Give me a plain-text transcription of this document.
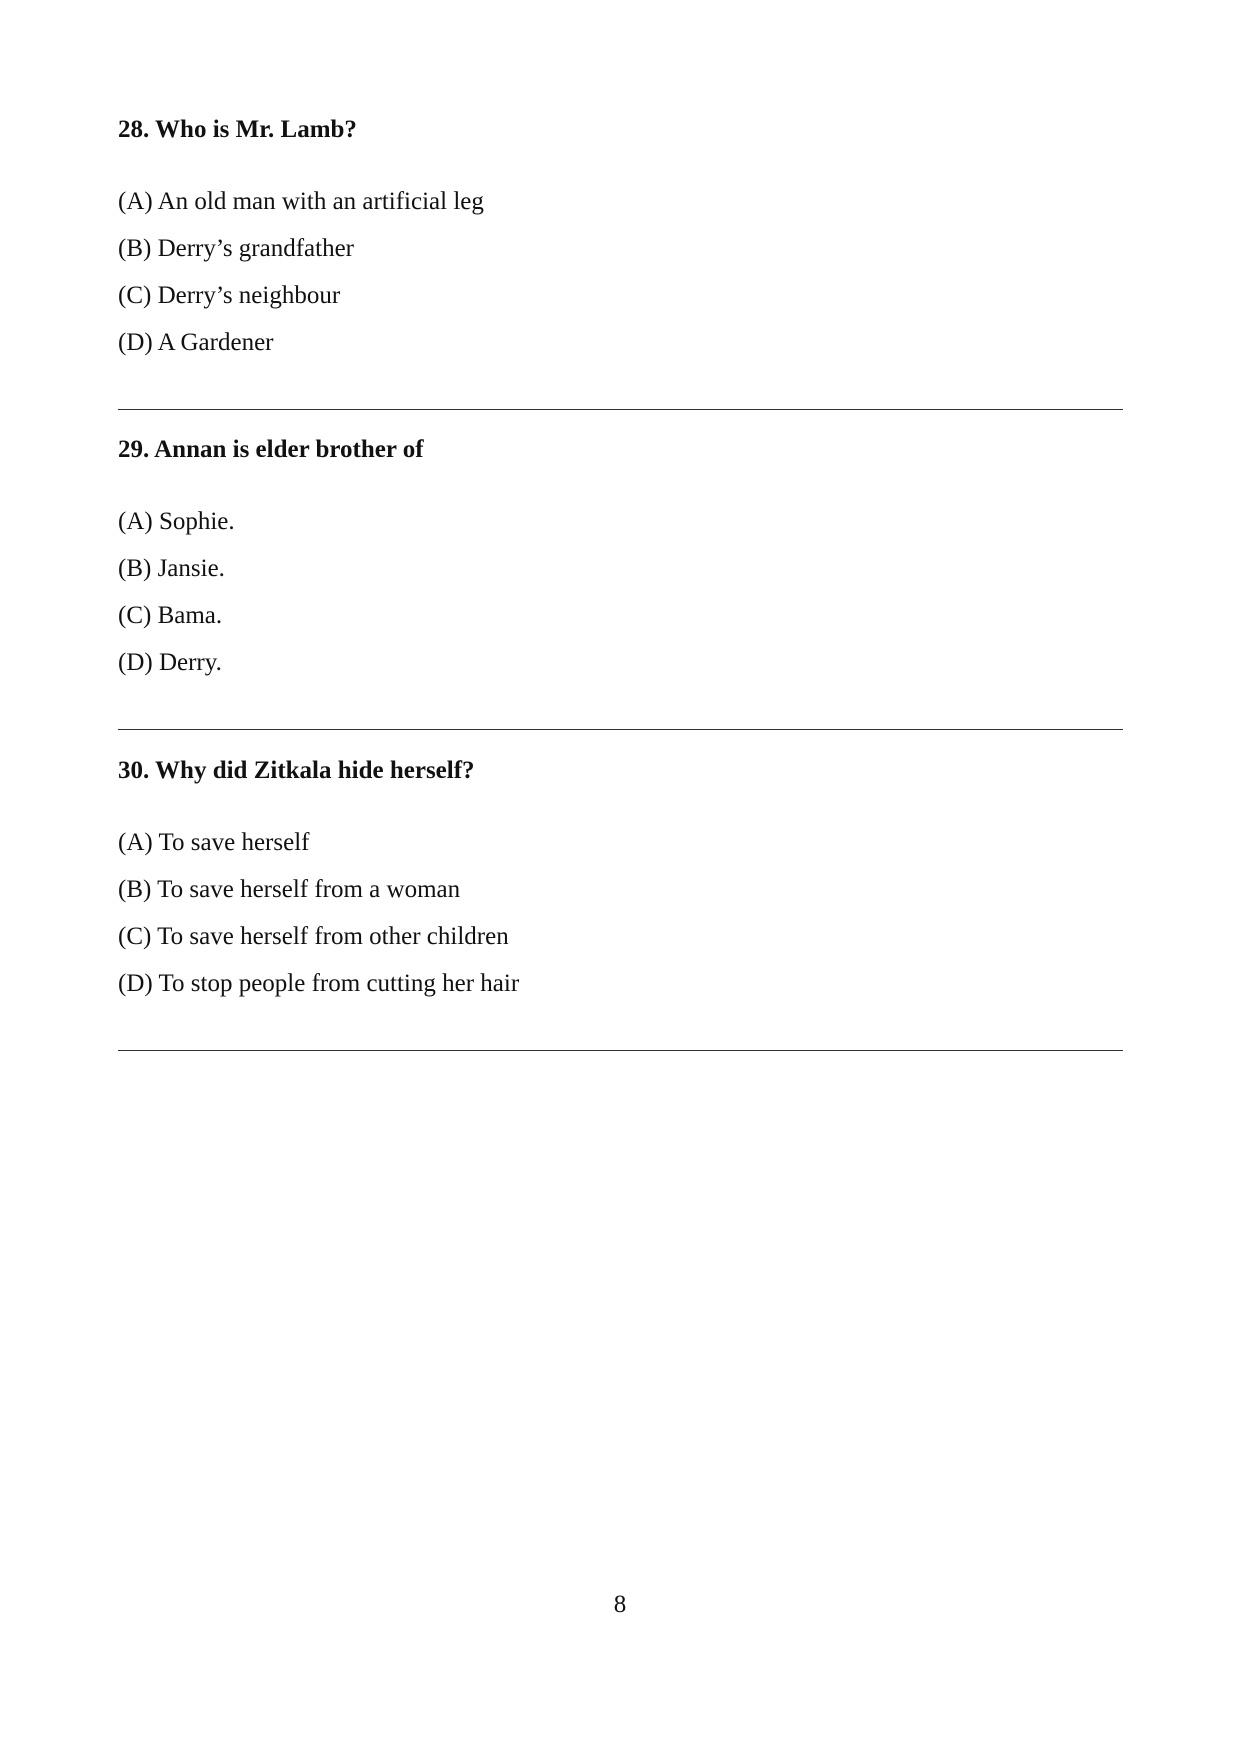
28. Who is Mr. Lamb?
(A) An old man with an artificial leg
(B) Derry’s grandfather
(C) Derry’s neighbour
(D) A Gardener
29. Annan is elder brother of
(A) Sophie.
(B) Jansie.
(C) Bama.
(D) Derry.
30. Why did Zitkala hide herself?
(A) To save herself
(B) To save herself from a woman
(C) To save herself from other children
(D) To stop people from cutting her hair
8
